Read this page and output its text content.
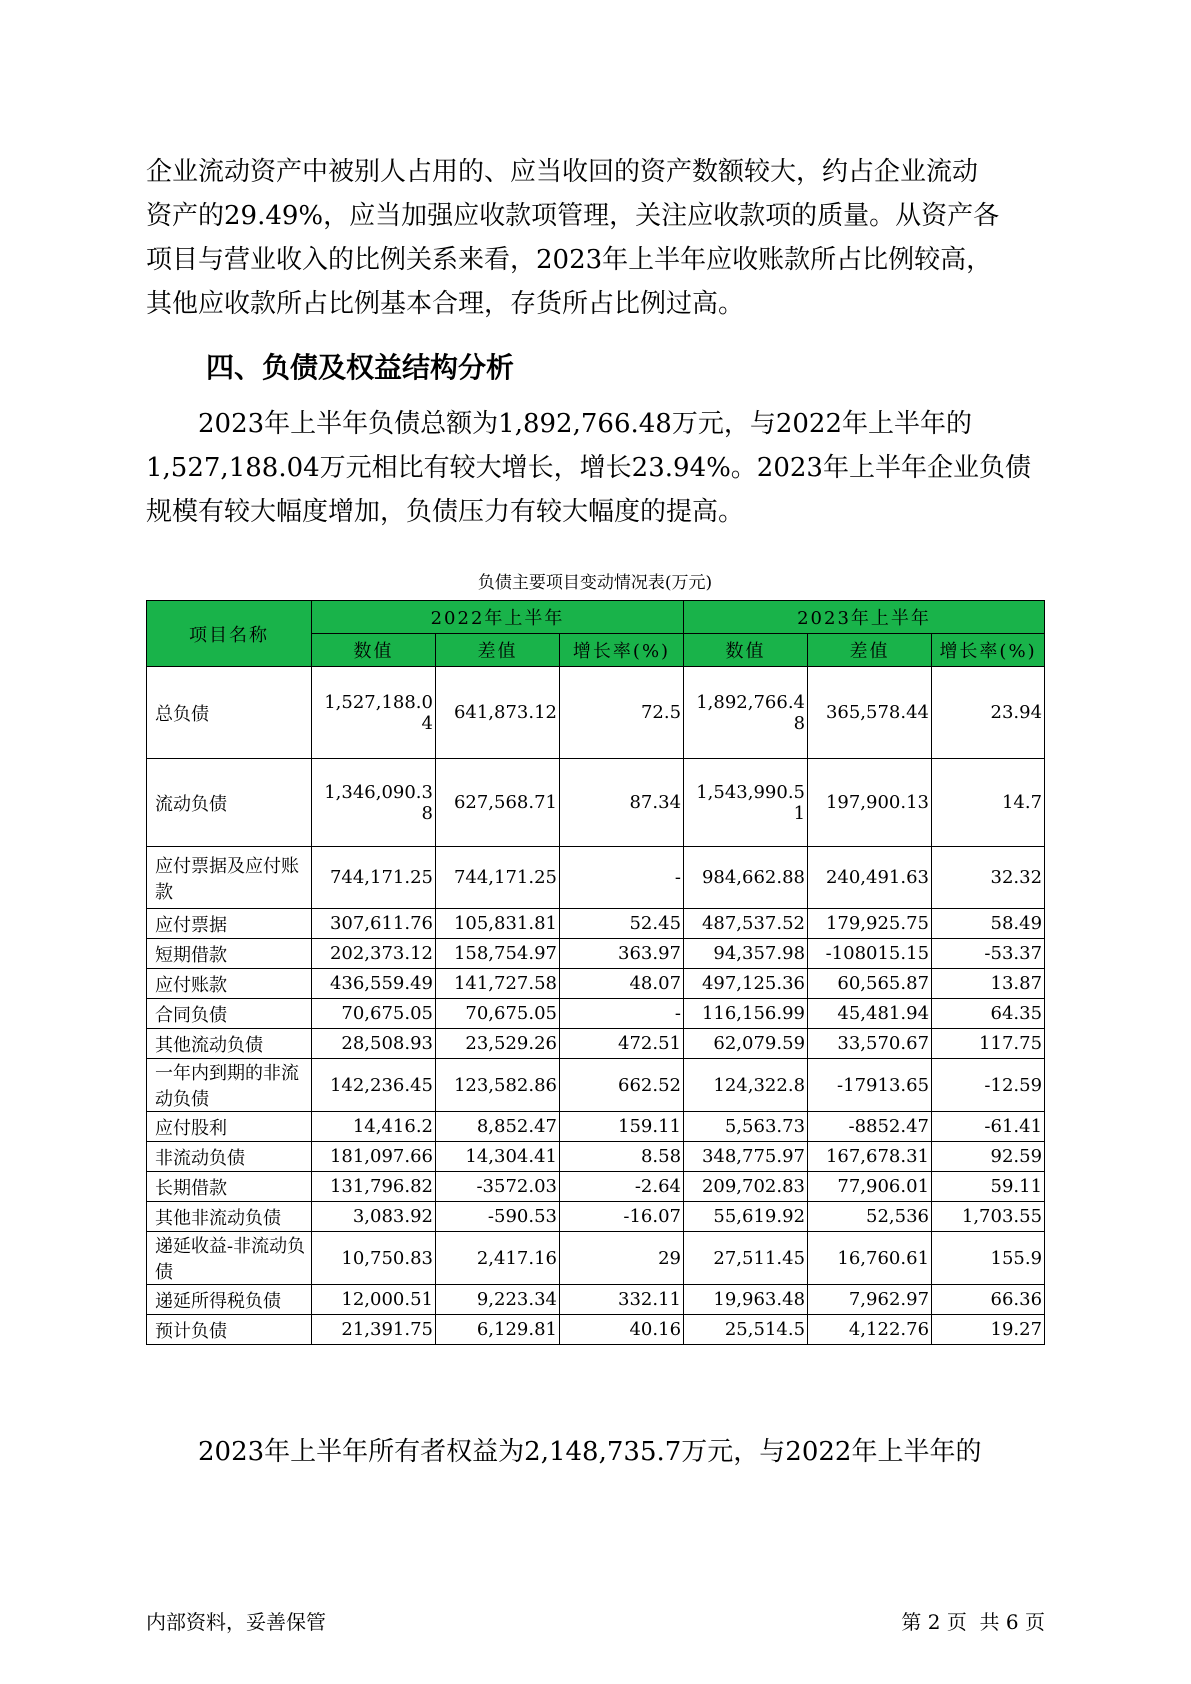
企业流动资产中被别人占用的、应当收回的资产数额较大，约占企业流动
资产的29.49%，应当加强应收款项管理，关注应收款项的质量。从资产各
项目与营业收入的比例关系来看，2023年上半年应收账款所占比例较高，
其他应收款所占比例基本合理，存货所占比例过高。

四、负债及权益结构分析

2023年上半年负债总额为1,892,766.48万元，与2022年上半年的
1,527,188.04万元相比有较大增长，增长23.94%。2023年上半年企业负债
规模有较大幅度增加，负债压力有较大幅度的提高。

负债主要项目变动情况表(万元)
项目名称	2022年上半年			2023年上半年		
	数值	差值	增长率(%)	数值	差值	增长率(%)
总负债	1,527,188.04	641,873.12	72.5	1,892,766.48	365,578.44	23.94
流动负债	1,346,090.38	627,568.71	87.34	1,543,990.51	197,900.13	14.7
应付票据及应付账款	744,171.25	744,171.25	-	984,662.88	240,491.63	32.32
应付票据	307,611.76	105,831.81	52.45	487,537.52	179,925.75	58.49
短期借款	202,373.12	158,754.97	363.97	94,357.98	-108015.15	-53.37
应付账款	436,559.49	141,727.58	48.07	497,125.36	60,565.87	13.87
合同负债	70,675.05	70,675.05	-	116,156.99	45,481.94	64.35
其他流动负债	28,508.93	23,529.26	472.51	62,079.59	33,570.67	117.75
一年内到期的非流动负债	142,236.45	123,582.86	662.52	124,322.8	-17913.65	-12.59
应付股利	14,416.2	8,852.47	159.11	5,563.73	-8852.47	-61.41
非流动负债	181,097.66	14,304.41	8.58	348,775.97	167,678.31	92.59
长期借款	131,796.82	-3572.03	-2.64	209,702.83	77,906.01	59.11
其他非流动负债	3,083.92	-590.53	-16.07	55,619.92	52,536	1,703.55
递延收益-非流动负债	10,750.83	2,417.16	29	27,511.45	16,760.61	155.9
递延所得税负债	12,000.51	9,223.34	332.11	19,963.48	7,962.97	66.36
预计负债	21,391.75	6,129.81	40.16	25,514.5	4,122.76	19.27

2023年上半年所有者权益为2,148,735.7万元，与2022年上半年的

内部资料，妥善保管	第 2 页  共 6 页
